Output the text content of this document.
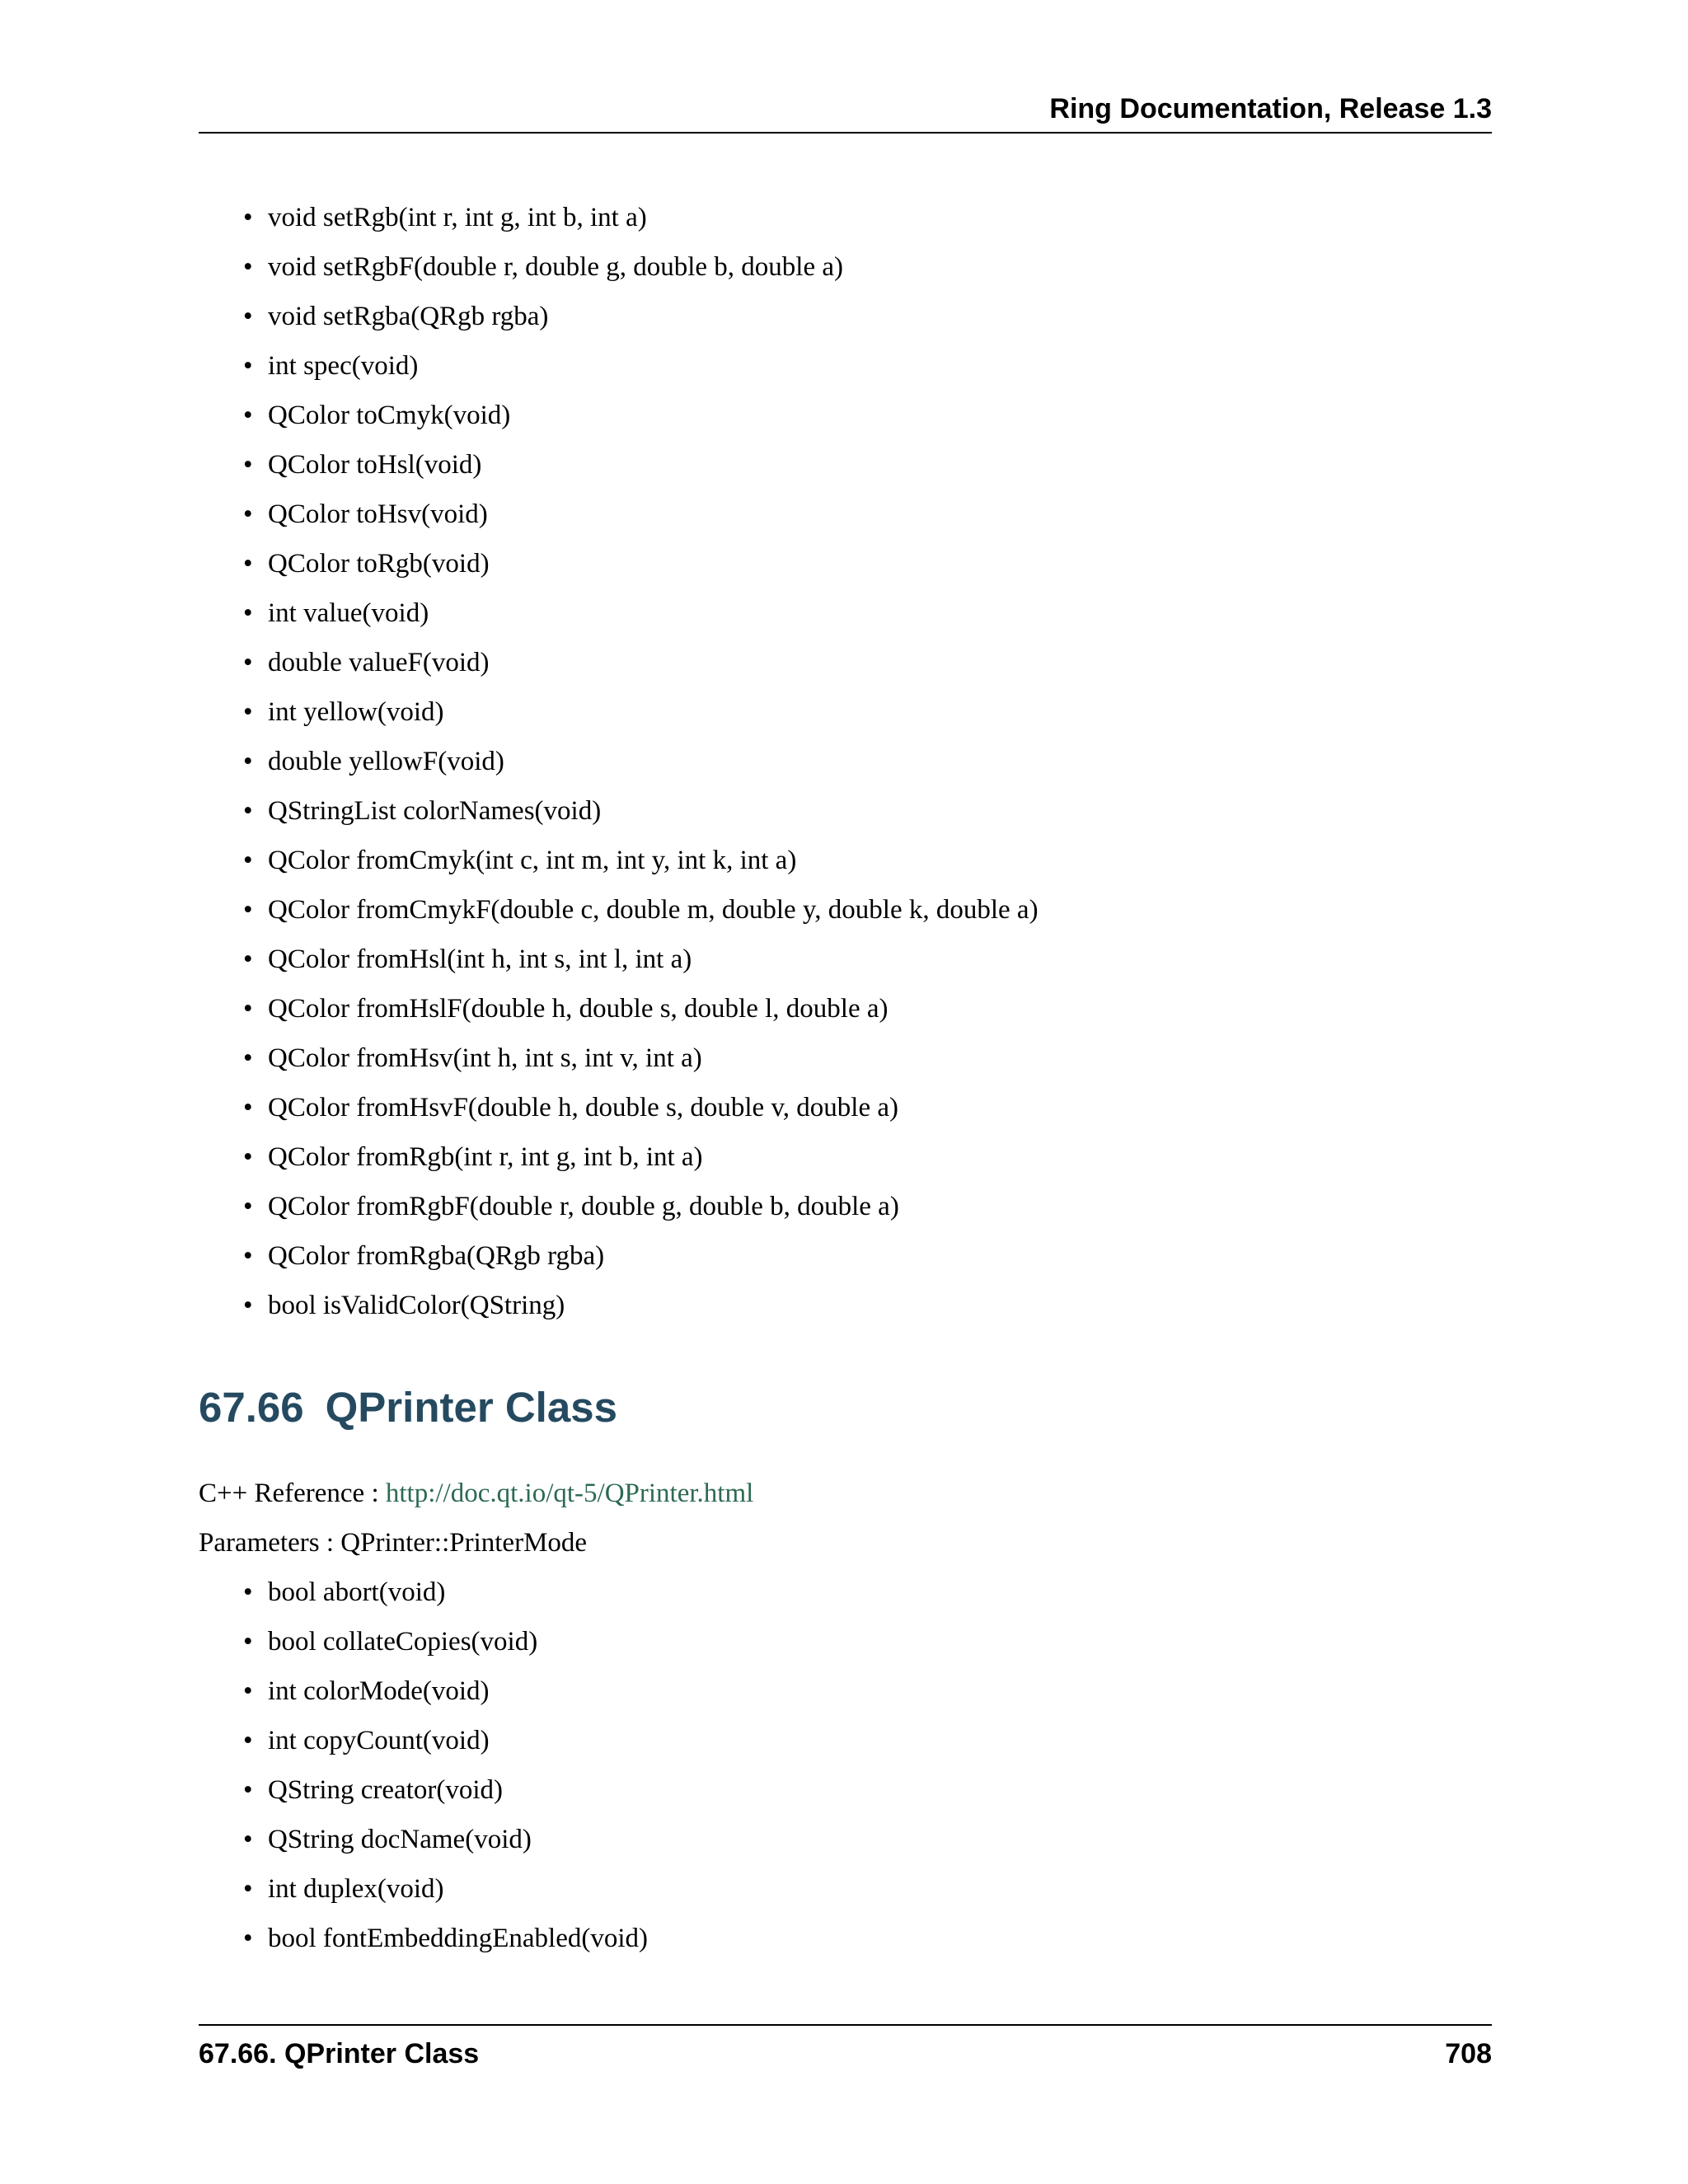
Ring Documentation, Release 1.3
• void setRgb(int r, int g, int b, int a)
• void setRgbF(double r, double g, double b, double a)
• void setRgba(QRgb rgba)
• int spec(void)
• QColor toCmyk(void)
• QColor toHsl(void)
• QColor toHsv(void)
• QColor toRgb(void)
• int value(void)
• double valueF(void)
• int yellow(void)
• double yellowF(void)
• QStringList colorNames(void)
• QColor fromCmyk(int c, int m, int y, int k, int a)
• QColor fromCmykF(double c, double m, double y, double k, double a)
• QColor fromHsl(int h, int s, int l, int a)
• QColor fromHslF(double h, double s, double l, double a)
• QColor fromHsv(int h, int s, int v, int a)
• QColor fromHsvF(double h, double s, double v, double a)
• QColor fromRgb(int r, int g, int b, int a)
• QColor fromRgbF(double r, double g, double b, double a)
• QColor fromRgba(QRgb rgba)
• bool isValidColor(QString)
67.66 QPrinter Class
C++ Reference : http://doc.qt.io/qt-5/QPrinter.html
Parameters : QPrinter::PrinterMode
• bool abort(void)
• bool collateCopies(void)
• int colorMode(void)
• int copyCount(void)
• QString creator(void)
• QString docName(void)
• int duplex(void)
• bool fontEmbeddingEnabled(void)
67.66. QPrinter Class	708
